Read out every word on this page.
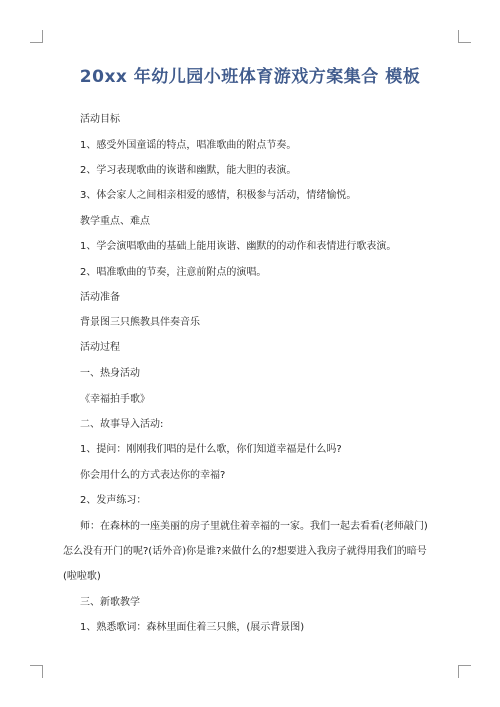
20xx 年幼儿园小班体育游戏方案集合 模板

活动目标

1、感受外国童谣的特点，唱准歌曲的附点节奏。

2、学习表现歌曲的诙谐和幽默，能大胆的表演。

3、体会家人之间相亲相爱的感情，积极参与活动，情绪愉悦。

教学重点、难点

1、学会演唱歌曲的基础上能用诙谐、幽默的的动作和表情进行歌表演。

2、唱准歌曲的节奏，注意前附点的演唱。

活动准备

背景图三只熊教具伴奏音乐

活动过程

一、热身活动

《幸福拍手歌》

二、故事导入活动:

1、提问：刚刚我们唱的是什么歌，你们知道幸福是什么吗?

你会用什么的方式表达你的幸福?

2、发声练习：

师：在森林的一座美丽的房子里就住着幸福的一家。我们一起去看看(老师敲门)

怎么没有开门的呢?(话外音)你是谁?来做什么的?想要进入我房子就得用我们的暗号

(啦啦歌)

三、新歌教学

1、熟悉歌词：森林里面住着三只熊，(展示背景图)
